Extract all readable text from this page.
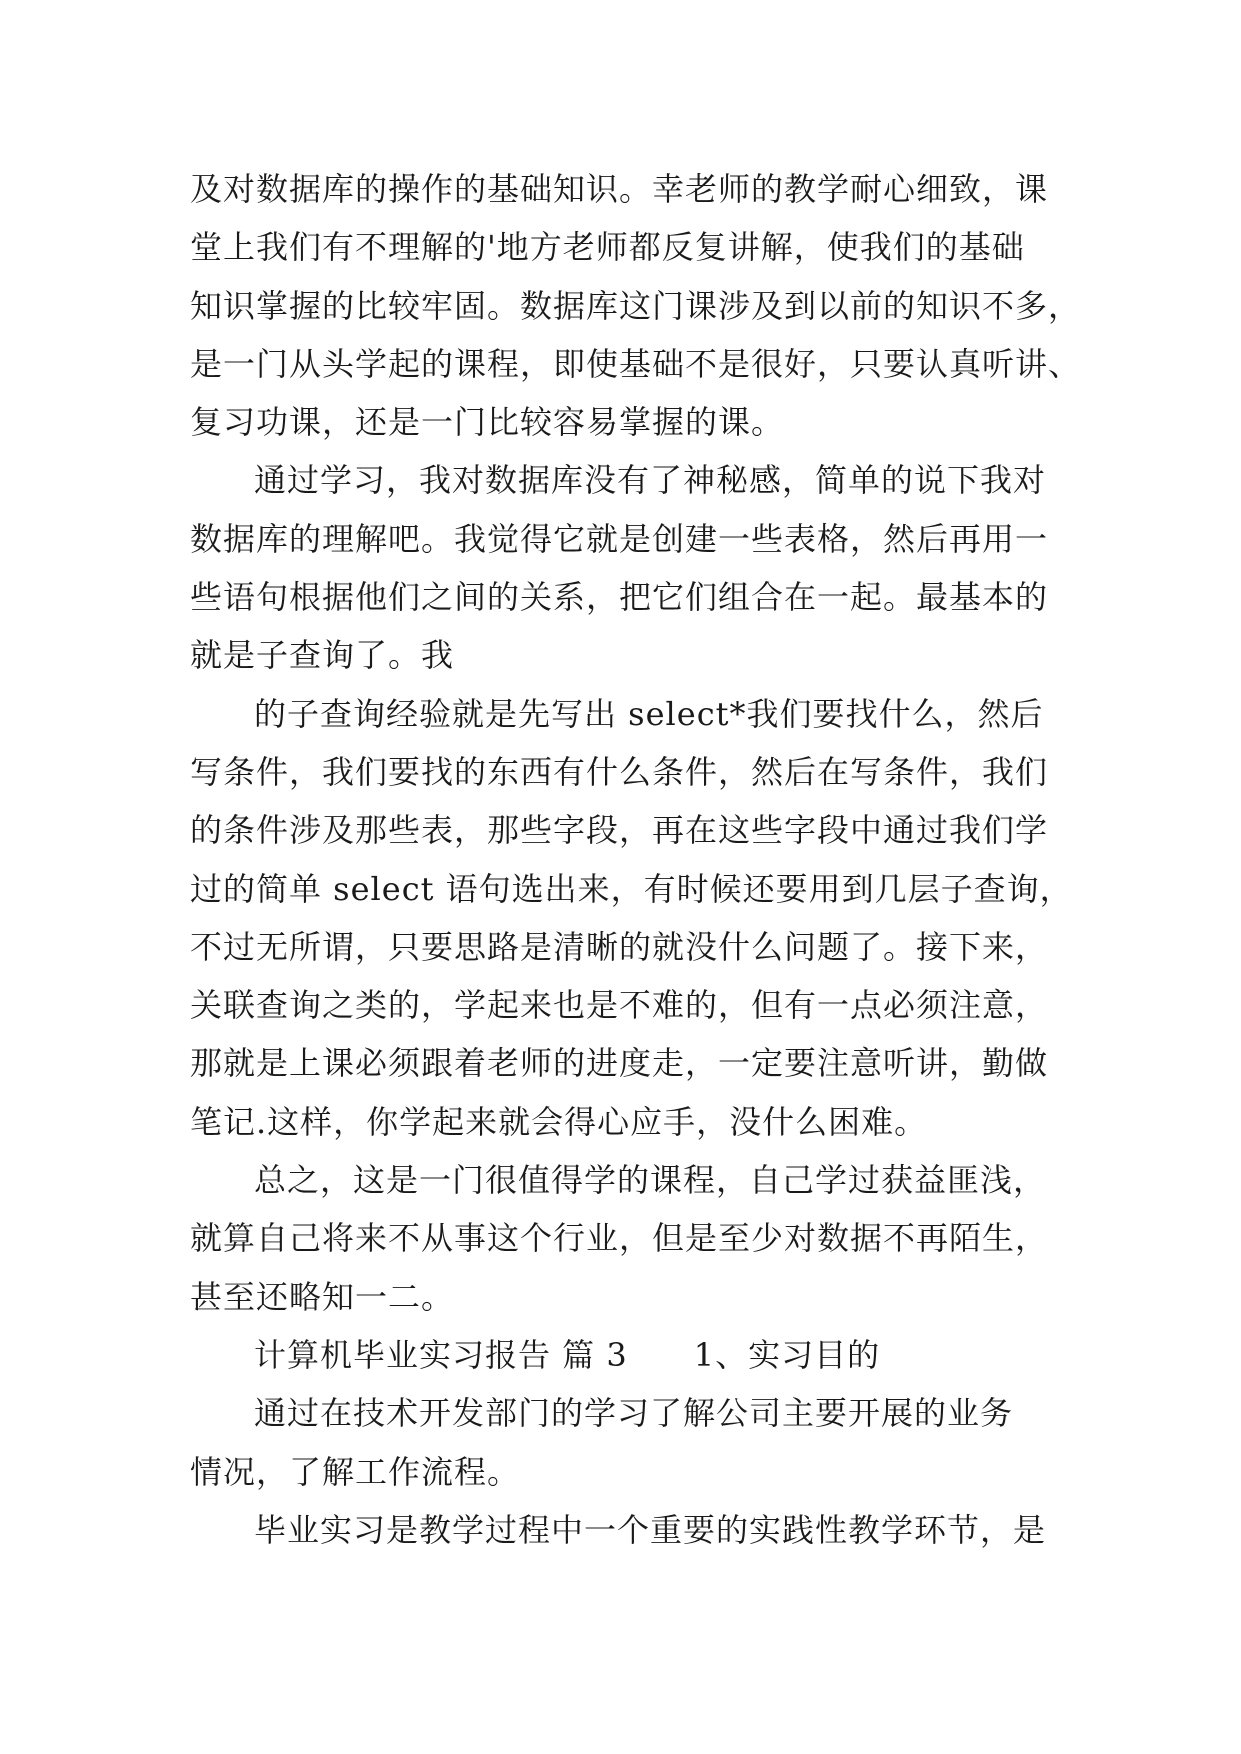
及对数据库的操作的基础知识。幸老师的教学耐心细致，课
堂上我们有不理解的'地方老师都反复讲解，使我们的基础
知识掌握的比较牢固。数据库这门课涉及到以前的知识不多，
是一门从头学起的课程，即使基础不是很好，只要认真听讲、
复习功课，还是一门比较容易掌握的课。
通过学习，我对数据库没有了神秘感，简单的说下我对
数据库的理解吧。我觉得它就是创建一些表格，然后再用一
些语句根据他们之间的关系，把它们组合在一起。最基本的
就是子查询了。我
的子查询经验就是先写出 select*我们要找什么，然后
写条件，我们要找的东西有什么条件，然后在写条件，我们
的条件涉及那些表，那些字段，再在这些字段中通过我们学
过的简单 select 语句选出来，有时候还要用到几层子查询，
不过无所谓，只要思路是清晰的就没什么问题了。接下来，
关联查询之类的，学起来也是不难的，但有一点必须注意，
那就是上课必须跟着老师的进度走，一定要注意听讲，勤做
笔记.这样，你学起来就会得心应手，没什么困难。
总之，这是一门很值得学的课程，自己学过获益匪浅，
就算自己将来不从事这个行业，但是至少对数据不再陌生，
甚至还略知一二。
计算机毕业实习报告 篇 3　　1、实习目的
通过在技术开发部门的学习了解公司主要开展的业务
情况，了解工作流程。
毕业实习是教学过程中一个重要的实践性教学环节，是
